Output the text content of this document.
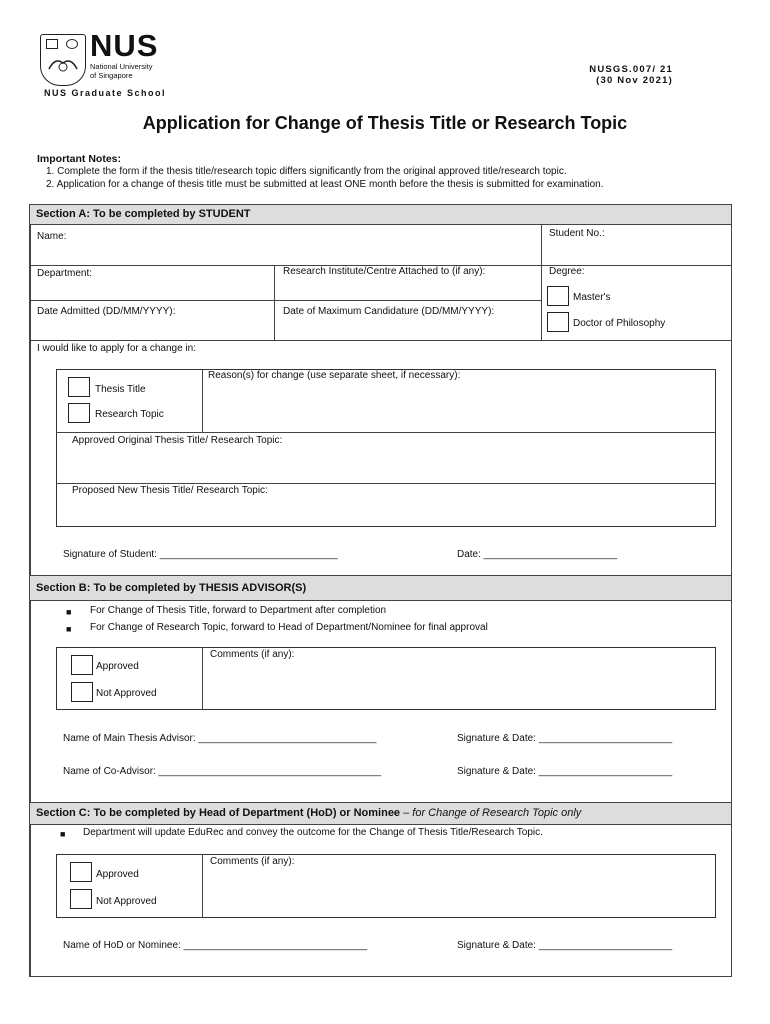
NUS
National University
of Singapore
NUS Graduate School
NUSGS.007/ 21
(30 Nov 2021)
Application for Change of Thesis Title or Research Topic
Important Notes:
1. Complete the form if the thesis title/research topic differs significantly from the original approved title/research topic.
2. Application for a change of thesis title must be submitted at least ONE month before the thesis is submitted for examination.
Section A: To be completed by STUDENT
Name:	Student No.:
Department:	Research Institute/Centre Attached to (if any):	Degree:
Master's
Doctor of Philosophy
Date Admitted (DD/MM/YYYY):	Date of Maximum Candidature (DD/MM/YYYY):
I would like to apply for a change in:
Thesis Title
Research Topic
Reason(s) for change (use separate sheet, if necessary):
Approved Original Thesis Title/ Research Topic:
Proposed New Thesis Title/ Research Topic:
Signature of Student: ________________________________	Date: ________________________
Section B: To be completed by THESIS ADVISOR(S)
■ For Change of Thesis Title, forward to Department after completion
■ For Change of Research Topic, forward to Head of Department/Nominee for final approval
Approved
Not Approved
Comments (if any):
Name of Main Thesis Advisor: ________________________________	Signature & Date: ________________________
Name of Co-Advisor: ________________________________________	Signature & Date: ________________________
Section C: To be completed by Head of Department (HoD) or Nominee – for Change of Research Topic only
■ Department will update EduRec and convey the outcome for the Change of Thesis Title/Research Topic.
Approved
Not Approved
Comments (if any):
Name of HoD or Nominee: _________________________________	Signature & Date: ________________________
